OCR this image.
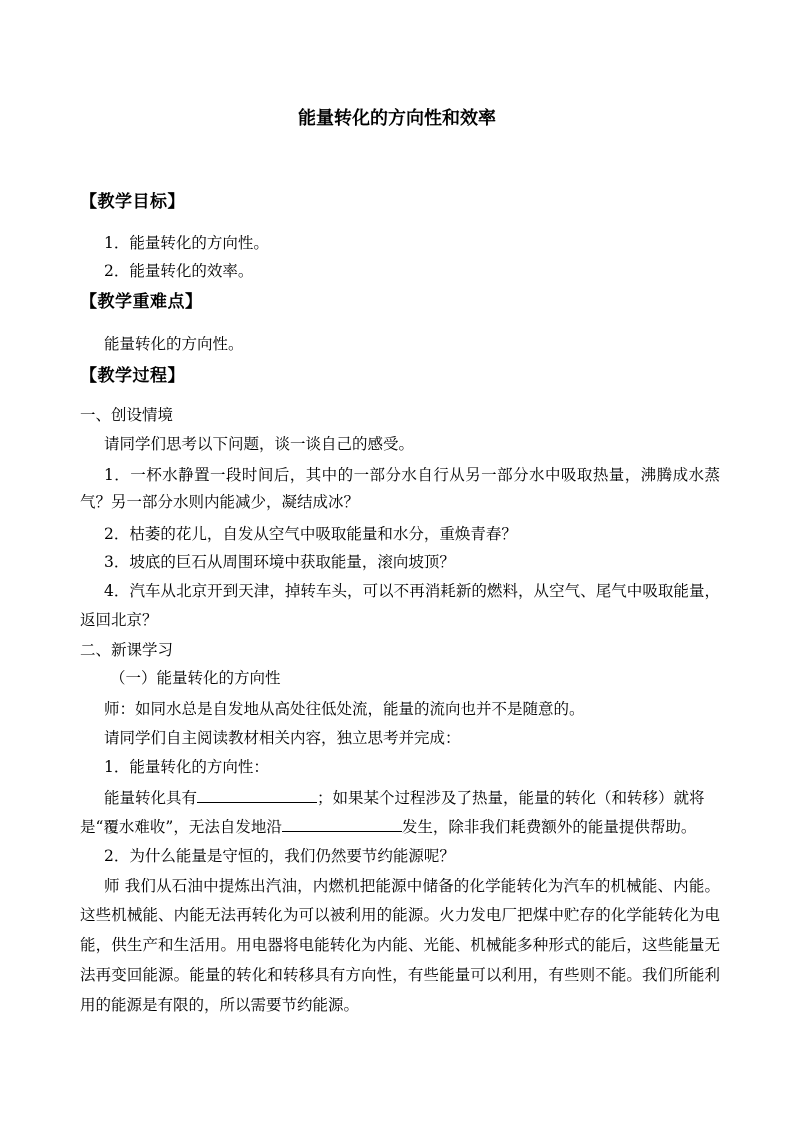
能量转化的方向性和效率
【教学目标】
1．能量转化的方向性。
2．能量转化的效率。
【教学重难点】
能量转化的方向性。
【教学过程】
一、创设情境
请同学们思考以下问题，谈一谈自己的感受。
1．一杯水静置一段时间后，其中的一部分水自行从另一部分水中吸取热量，沸腾成水蒸
气？另一部分水则内能减少，凝结成冰？
2．枯萎的花儿，自发从空气中吸取能量和水分，重焕青春？
3．坡底的巨石从周围环境中获取能量，滚向坡顶？
4．汽车从北京开到天津，掉转车头，可以不再消耗新的燃料，从空气、尾气中吸取能量，
返回北京？
二、新课学习
（一）能量转化的方向性
师：如同水总是自发地从高处往低处流，能量的流向也并不是随意的。
请同学们自主阅读教材相关内容，独立思考并完成：
1．能量转化的方向性：
能量转化具有	；如果某个过程涉及了热量，能量的转化（和转移）就将
是“覆水难收”，无法自发地沿	发生，除非我们耗费额外的能量提供帮助。
2．为什么能量是守恒的，我们仍然要节约能源呢？
师 我们从石油中提炼出汽油，内燃机把能源中储备的化学能转化为汽车的机械能、内能。
这些机械能、内能无法再转化为可以被利用的能源。火力发电厂把煤中贮存的化学能转化为电
能，供生产和生活用。用电器将电能转化为内能、光能、机械能多种形式的能后，这些能量无
法再变回能源。能量的转化和转移具有方向性，有些能量可以利用，有些则不能。我们所能利
用的能源是有限的，所以需要节约能源。
